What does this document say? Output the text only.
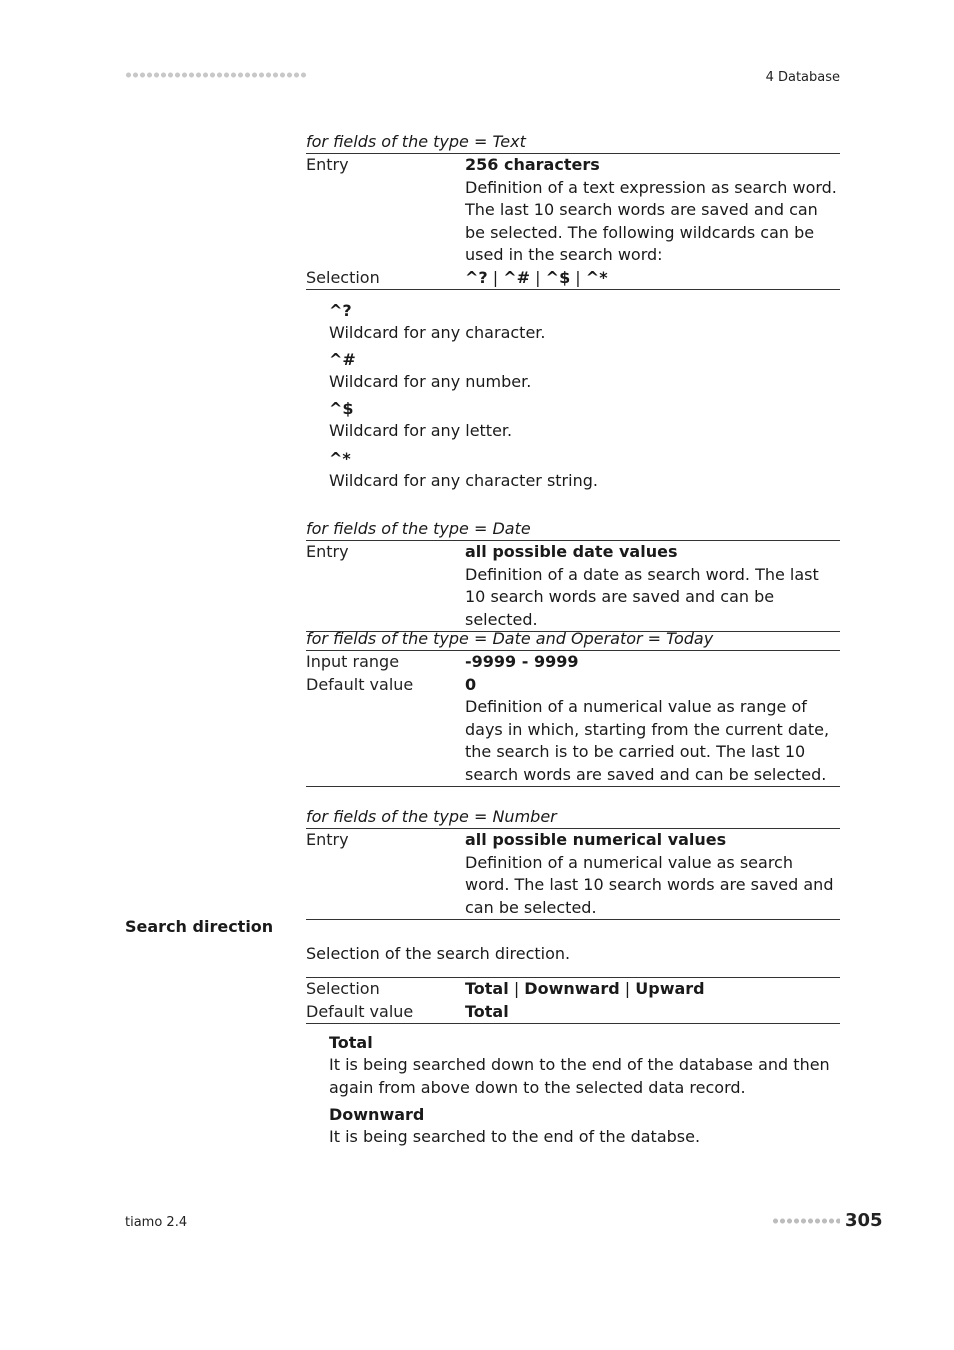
4 Database
for fields of the type = Text
Entry	256 characters
Definition of a text expression as search word. The last 10 search words are saved and can be selected. The following wildcards can be used in the search word:
Selection	^? | ^# | ^$ | ^*
^?
Wildcard for any character.
^#
Wildcard for any number.
^$
Wildcard for any letter.
^*
Wildcard for any character string.
for fields of the type = Date
Entry	all possible date values
Definition of a date as search word. The last 10 search words are saved and can be selected.
for fields of the type = Date and Operator = Today
Input range	-9999 - 9999
Default value	0
Definition of a numerical value as range of days in which, starting from the current date, the search is to be carried out. The last 10 search words are saved and can be selected.
for fields of the type = Number
Entry	all possible numerical values
Definition of a numerical value as search word. The last 10 search words are saved and can be selected.
Search direction
Selection of the search direction.
Selection	Total | Downward | Upward
Default value	Total
Total
It is being searched down to the end of the database and then again from above down to the selected data record.
Downward
It is being searched to the end of the databse.
tiamo 2.4	305
